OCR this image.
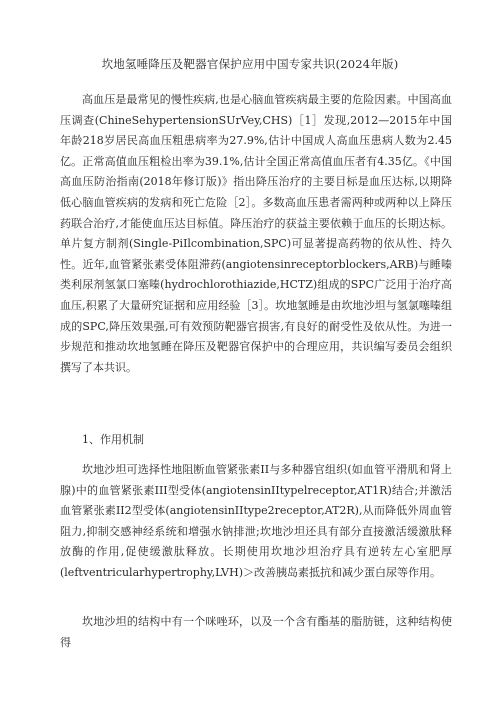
坎地氢唾降压及靶器官保护应用中国专家共识(2024年版)

高血压是最常见的慢性疾病,也是心脑血管疾病最主要的危险因素。中国高血压调查(ChineSehypertensionSUrVey,CHS)［1］发现,2012—2015年中国年龄218岁居民高血压粗患病率为27.9%,估计中国成人高血压患病人数为2.45亿。正常高值血压粗检出率为39.1%,估计全国正常高值血压者有4.35亿。《中国高血压防治指南(2018年修订版)》指出降压治疗的主要目标是血压达标,以期降低心脑血管疾病的发病和死亡危险［2］。多数高血压患者需两种或两种以上降压药联合治疗,才能使血压达目标值。降压治疗的获益主要依赖于血压的长期达标。单片复方制剂(Single-PiIlcombination,SPC)可显著提高药物的依从性、持久性。近年,血管紧张素受体阻滞药(angiotensinreceptorblockers,ARB)与睡嗪类利尿剂氢氯口塞嗪(hydrochlorothiazide,HCTZ)组成的SPC广泛用于治疗高血压,积累了大量研究证据和应用经验［3］。坎地氢睡是由坎地沙坦与氢氯噻嗪组成的SPC,降压效果强,可有效预防靶器官损害,有良好的耐受性及依从性。为进一步规范和推动坎地氢睡在降压及靶器官保护中的合理应用，共识编写委员会组织撰写了本共识。

1、作用机制

坎地沙坦可选择性地阻断血管紧张素II与多种器官组织(如血管平滑肌和肾上腺)中的血管紧张素III型受体(angiotensinIItypelreceptor,AT1R)结合;并激活血管紧张素II2型受体(angiotensinIItype2receptor,AT2R),从而降低外周血管阻力,抑制交感神经系统和增强水钠排泄;坎地沙坦还具有部分直接激活缓激肽释放酶的作用,促使缓激肽释放。长期使用坎地沙坦治疗具有逆转左心室肥厚(leftventricularhypertrophy,LVH)＞改善胰岛素抵抗和减少蛋白尿等作用。

坎地沙坦的结构中有一个咪唑环，以及一个含有酯基的脂肪链，这种结构使得
